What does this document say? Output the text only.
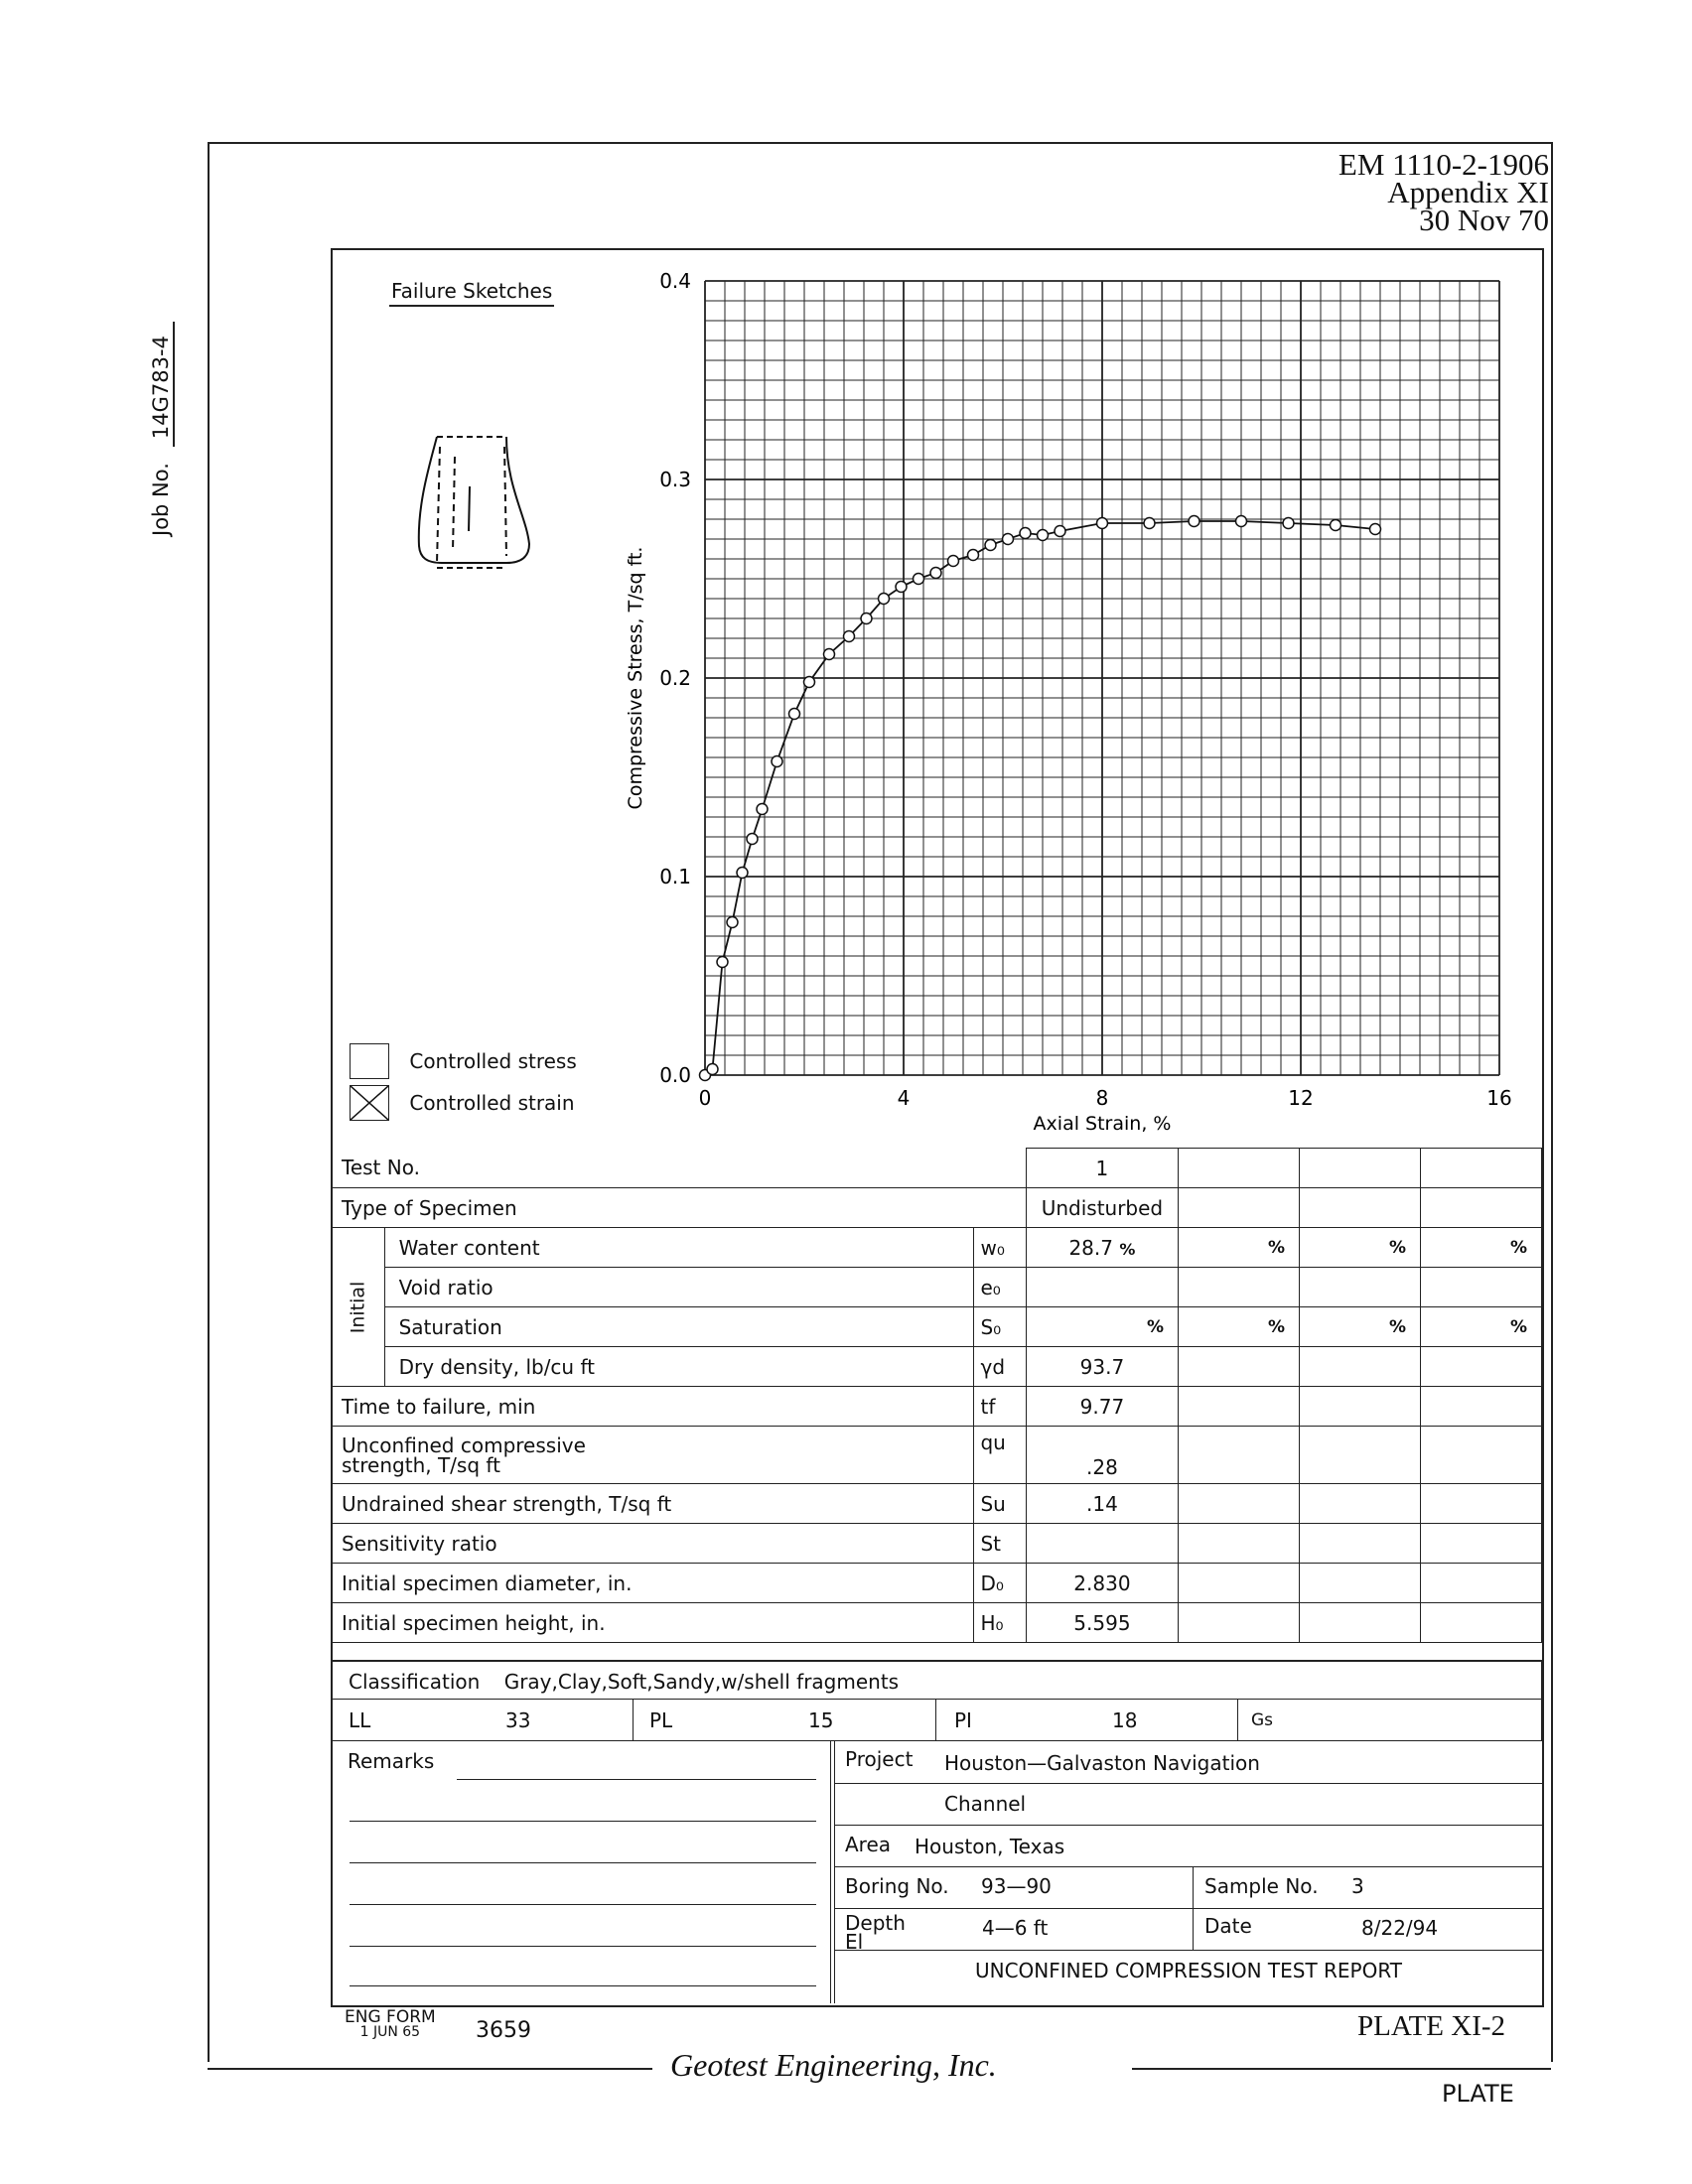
EM 1110-2-1906
Appendix XI
30 Nov 70
Job No.14G783-4
Failure Sketches
Controlled stress
Controlled strain	0	4	8	12	16
0.0
0.1
0.2
0.3
0.4
Axial Strain, %
Compressive Stress, T/sq ft.
Test No.			1			
Type of Specimen			Undisturbed			

Initial	Water content	w₀	28.7 %	%	%	%
	Void ratio	e₀				
	Saturation	S₀	%	%	%	%
	Dry density, lb/cu ft	γd	93.7			
Time to failure, min		tf	9.77			

Unconfined compressive
strength, T/sq ft		qu	.28			
Undrained shear strength, T/sq ft		Su	.14			
Sensitivity ratio		St				
Initial specimen diameter, in.		D₀	2.830			
Initial specimen height, in.		H₀	5.595			
Classification Gray,Clay,Soft,Sandy,w/shell fragments
LL	33	PL	15	PI	18	Gs
Remarks	Project Houston—Galvaston Navigation
Channel
Area Houston, Texas
Boring No. 93—90	Sample No. 3
Depth
El
4—6 ft	Date	8/22/94
UNCONFINED COMPRESSION TEST REPORT
ENG FORM
1 JUN 65	3659	PLATE XI-2
Geotest Engineering, Inc.
PLATE
